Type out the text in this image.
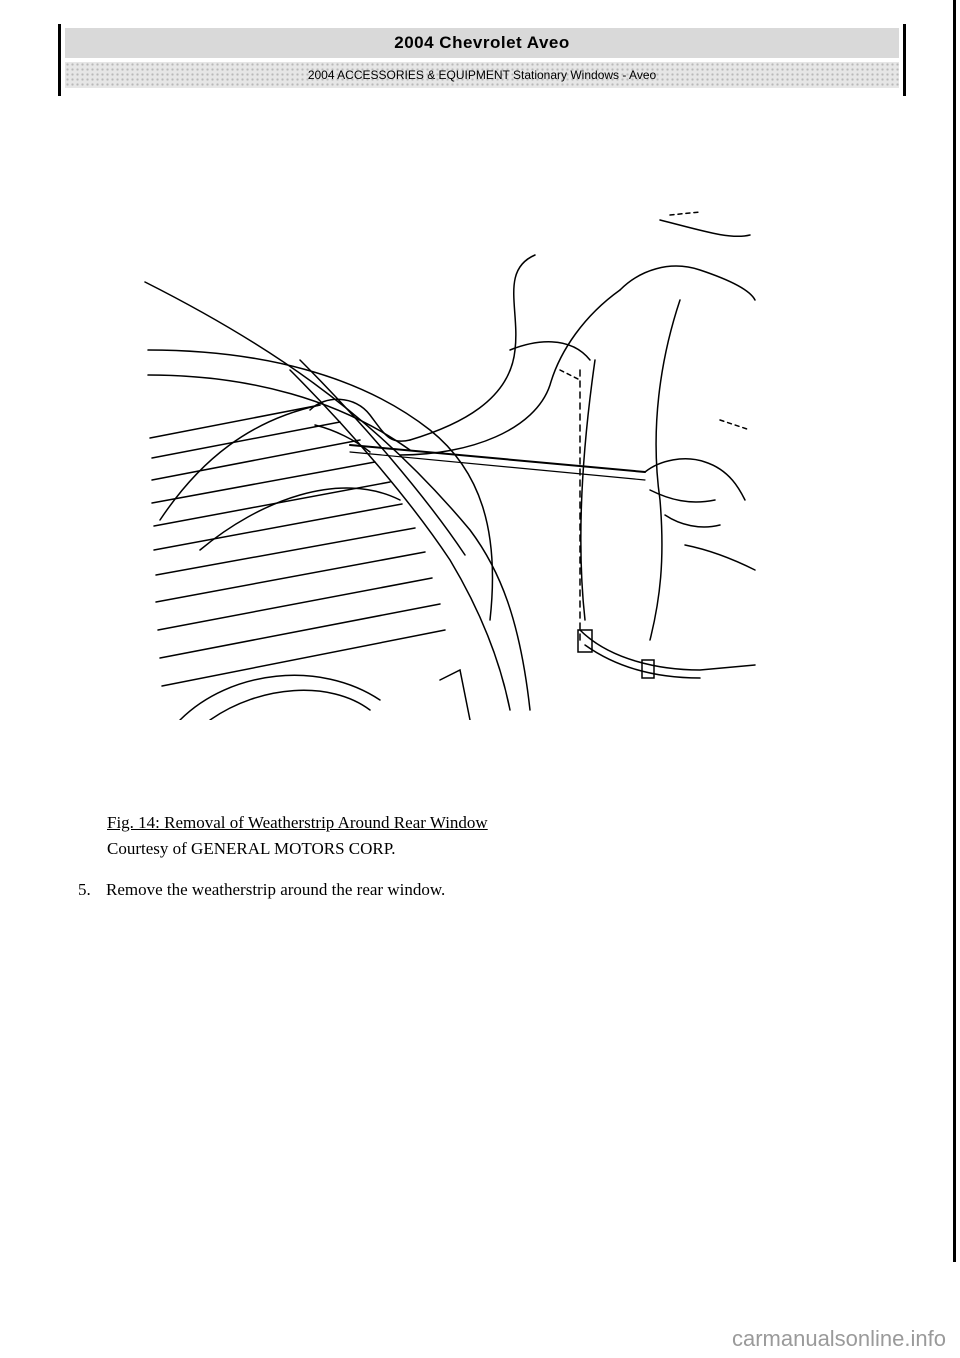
2004 Chevrolet Aveo
2004 ACCESSORIES & EQUIPMENT Stationary Windows - Aveo
Fig. 14: Removal of Weatherstrip Around Rear Window
Courtesy of GENERAL MOTORS CORP.
5. Remove the weatherstrip around the rear window.
carmanualsonline.info
